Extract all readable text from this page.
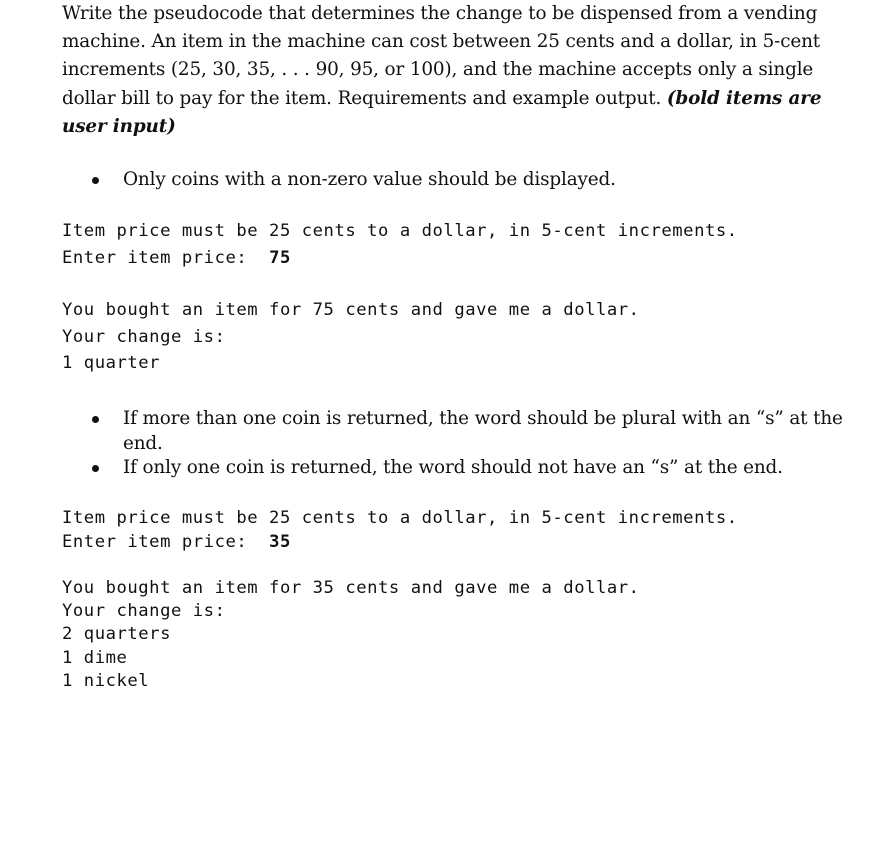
Write the pseudocode that determines the change to be dispensed from a vending machine. An item in the machine can cost between 25 cents and a dollar, in 5-cent increments (25, 30, 35, . . . 90, 95, or 100), and the machine accepts only a single dollar bill to pay for the item. Requirements and example output. (bold items are user input)

Only coins with a non-zero value should be displayed.
Item price must be 25 cents to a dollar, in 5-cent increments.
Enter item price:  75
You bought an item for 75 cents and gave me a dollar.
Your change is:
1 quarter
If more than one coin is returned, the word should be plural with an “s” at the end.
If only one coin is returned, the word should not have an “s” at the end.
Item price must be 25 cents to a dollar, in 5-cent increments.
Enter item price:  35
You bought an item for 35 cents and gave me a dollar.
Your change is:
2 quarters
1 dime
1 nickel
